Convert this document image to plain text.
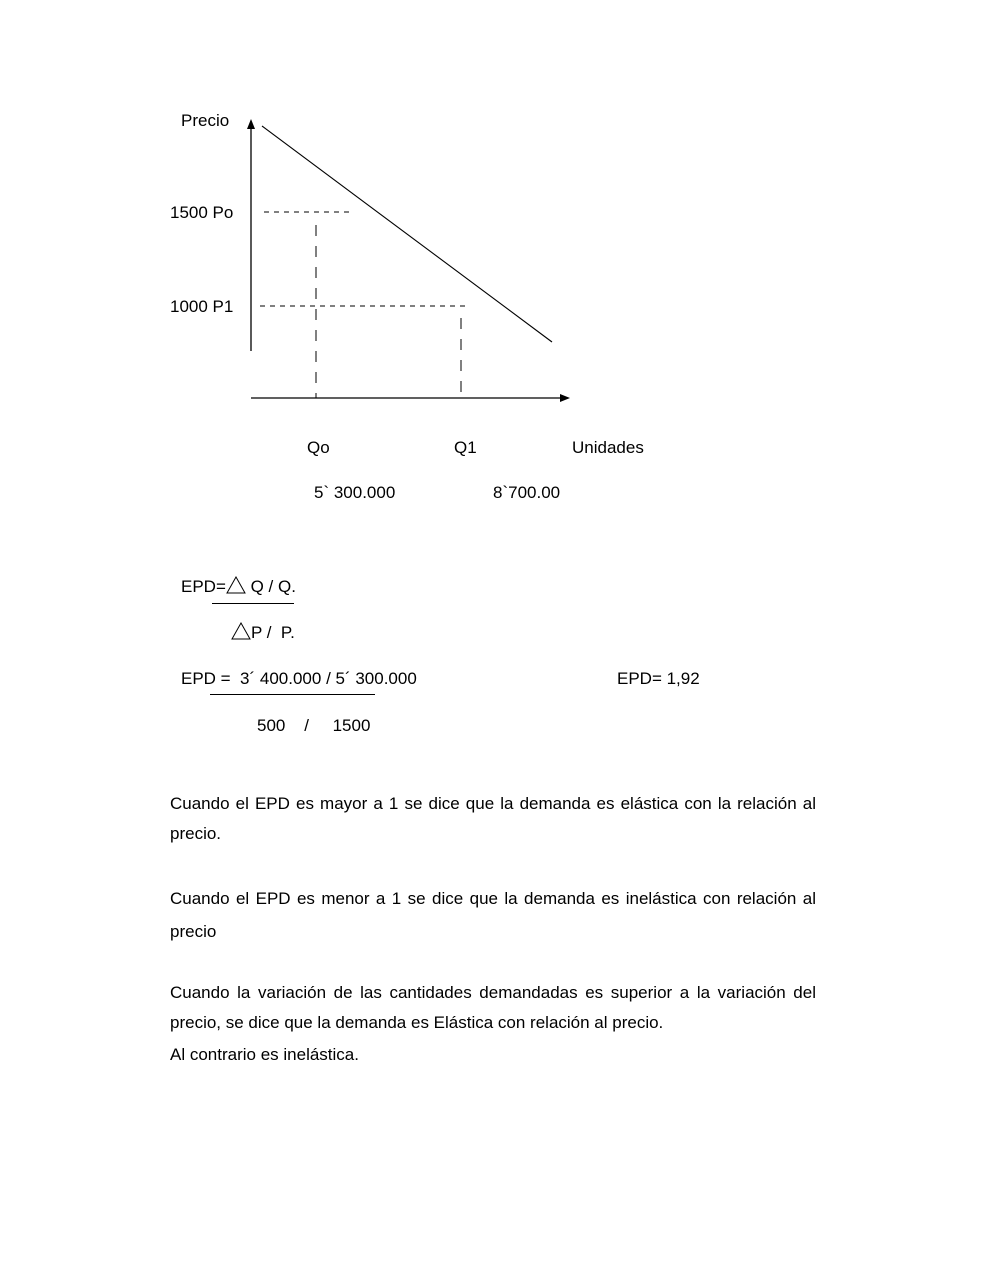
Precio
1500 Po
1000 P1
Qo	Q1	Unidades
5` 300.000	8`700.00
EPD= Q / Q.
P /  P.
EPD =  3´ 400.000 / 5´ 300.000
500    /     1500
EPD= 1,92
Cuando el EPD es mayor a 1 se dice que la demanda es elástica con la relación al precio.
Cuando el EPD es menor a 1 se dice que la demanda es inelástica con relación al precio
Cuando la variación de las cantidades demandadas es superior a la variación del precio, se dice que la demanda es Elástica con relación al precio.
Al contrario es inelástica.
